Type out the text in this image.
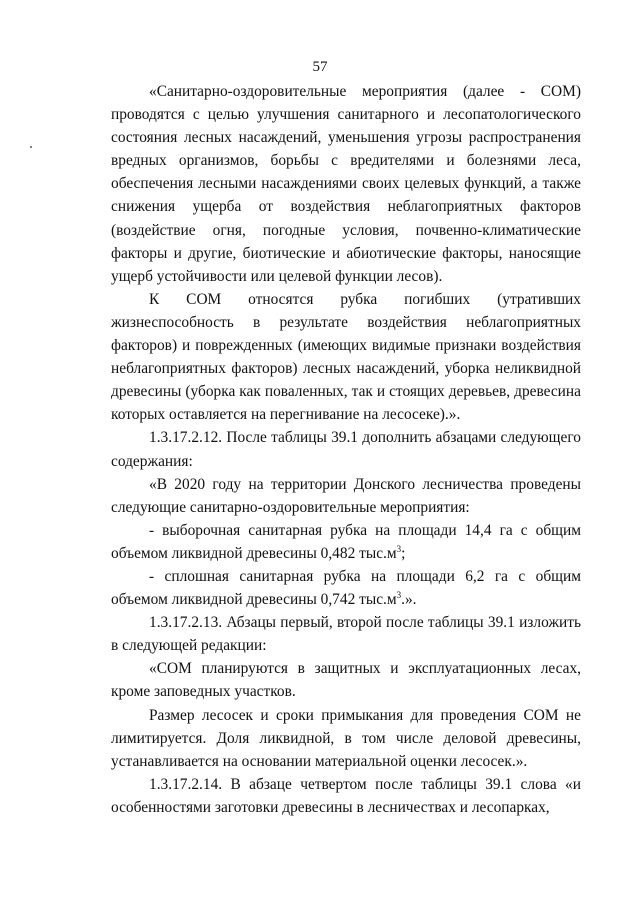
57

«Санитарно-оздоровительные мероприятия (далее - СОМ) проводятся с целью улучшения санитарного и лесопатологического состояния лесных насаждений, уменьшения угрозы распространения вредных организмов, борьбы с вредителями и болезнями леса, обеспечения лесными насаждениями своих целевых функций, а также снижения ущерба от воздействия неблагоприятных факторов (воздействие огня, погодные условия, почвенно-климатические факторы и другие, биотические и абиотические факторы, наносящие ущерб устойчивости или целевой функции лесов).

К СОМ относятся рубка погибших (утративших жизнеспособность в результате воздействия неблагоприятных факторов) и поврежденных (имеющих видимые признаки воздействия неблагоприятных факторов) лесных насаждений, уборка неликвидной древесины (уборка как поваленных, так и стоящих деревьев, древесина которых оставляется на перегнивание на лесосеке).».

1.3.17.2.12. После таблицы 39.1 дополнить абзацами следующего содержания:

«В 2020 году на территории Донского лесничества проведены следующие санитарно-оздоровительные мероприятия:

- выборочная санитарная рубка на площади 14,4 га с общим объемом ликвидной древесины 0,482 $тыс.м^3$;

- сплошная санитарная рубка на площади 6,2 га с общим объемом ликвидной древесины 0,742 $тыс.м^3$.».

1.3.17.2.13. Абзацы первый, второй после таблицы 39.1 изложить в следующей редакции:

«СОМ планируются в защитных и эксплуатационных лесах, кроме заповедных участков.

Размер лесосек и сроки примыкания для проведения СОМ не лимитируется. Доля ликвидной, в том числе деловой древесины, устанавливается на основании материальной оценки лесосек.».

1.3.17.2.14. В абзаце четвертом после таблицы 39.1 слова «и особенностями заготовки древесины в лесничествах и лесопарках,
